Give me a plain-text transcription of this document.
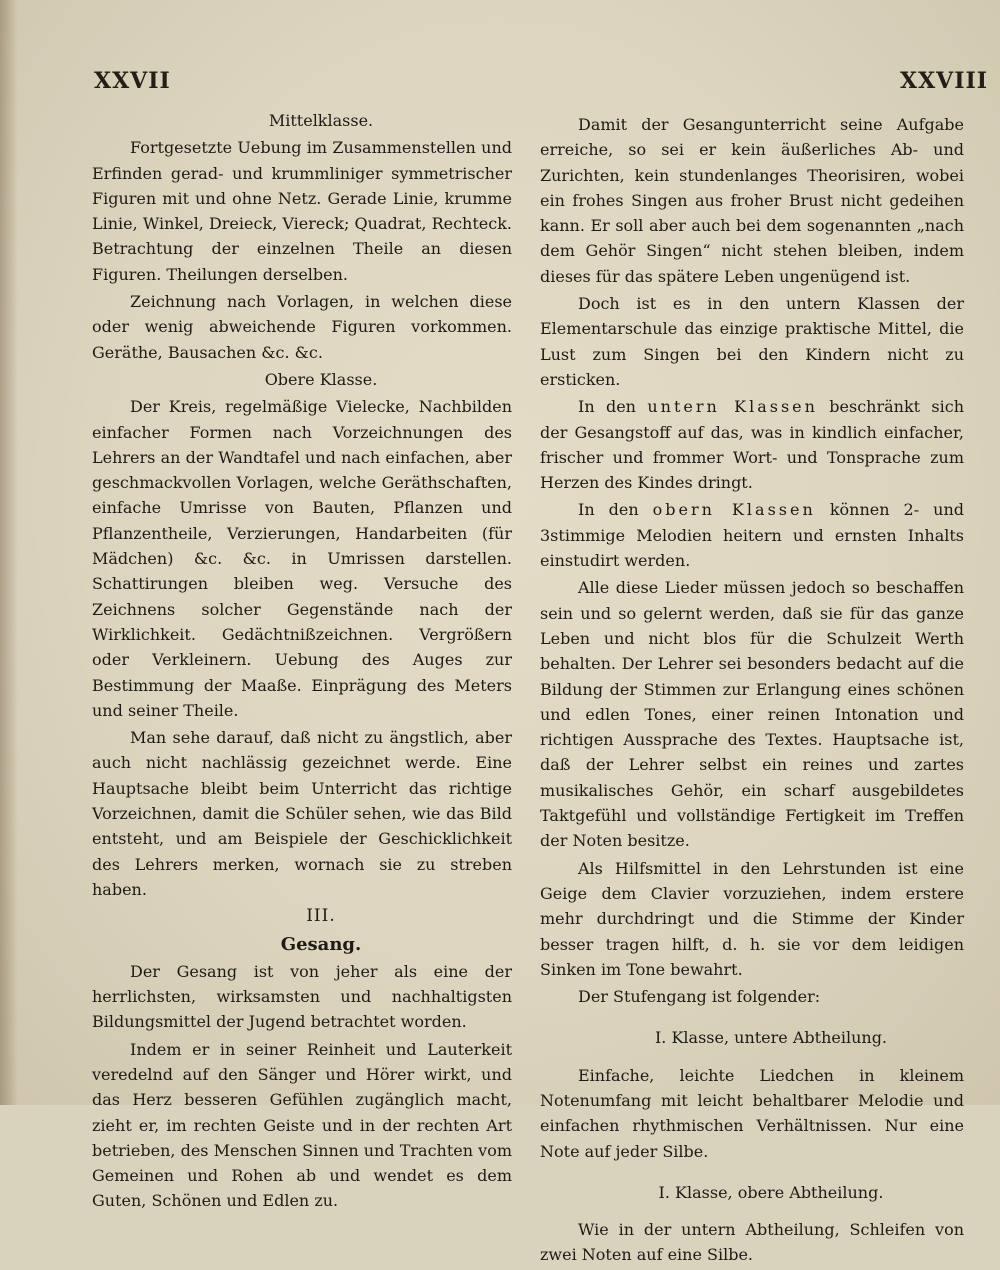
XXVII	XXVIII

Mittelklasse.

Fortgesetzte Uebung im Zusammenstellen und Erfinden gerad- und krummliniger symmetrischer Figuren mit und ohne Netz. Gerade Linie, krumme Linie, Winkel, Dreieck, Viereck; Quadrat, Rechteck. Betrachtung der einzelnen Theile an diesen Figuren. Theilungen derselben.

Zeichnung nach Vorlagen, in welchen diese oder wenig abweichende Figuren vorkommen. Geräthe, Bausachen &c. &c.

Obere Klasse.

Der Kreis, regelmäßige Vielecke, Nachbilden einfacher Formen nach Vorzeichnungen des Lehrers an der Wandtafel und nach einfachen, aber geschmackvollen Vorlagen, welche Geräthschaften, einfache Umrisse von Bauten, Pflanzen und Pflanzentheile, Verzierungen, Handarbeiten (für Mädchen) &c. &c. in Umrissen darstellen. Schattirungen bleiben weg. Versuche des Zeichnens solcher Gegenstände nach der Wirklichkeit. Gedächtnißzeichnen. Vergrößern oder Verkleinern. Uebung des Auges zur Bestimmung der Maaße. Einprägung des Meters und seiner Theile.

Man sehe darauf, daß nicht zu ängstlich, aber auch nicht nachlässig gezeichnet werde. Eine Hauptsache bleibt beim Unterricht das richtige Vorzeichnen, damit die Schüler sehen, wie das Bild entsteht, und am Beispiele der Geschicklichkeit des Lehrers merken, wornach sie zu streben haben.

III.

Gesang.

Der Gesang ist von jeher als eine der herrlichsten, wirksamsten und nachhaltigsten Bildungsmittel der Jugend betrachtet worden.

Indem er in seiner Reinheit und Lauterkeit veredelnd auf den Sänger und Hörer wirkt, und das Herz besseren Gefühlen zugänglich macht, zieht er, im rechten Geiste und in der rechten Art betrieben, des Menschen Sinnen und Trachten vom Gemeinen und Rohen ab und wendet es dem Guten, Schönen und Edlen zu.

Damit der Gesangunterricht seine Aufgabe erreiche, so sei er kein äußerliches Ab- und Zurichten, kein stundenlanges Theorisiren, wobei ein frohes Singen aus froher Brust nicht gedeihen kann. Er soll aber auch bei dem sogenannten „nach dem Gehör Singen“ nicht stehen bleiben, indem dieses für das spätere Leben ungenügend ist.

Doch ist es in den untern Klassen der Elementarschule das einzige praktische Mittel, die Lust zum Singen bei den Kindern nicht zu ersticken.

In den untern Klassen beschränkt sich der Gesangstoff auf das, was in kindlich einfacher, frischer und frommer Wort- und Tonsprache zum Herzen des Kindes dringt.

In den obern Klassen können 2- und 3stimmige Melodien heitern und ernsten Inhalts einstudirt werden.

Alle diese Lieder müssen jedoch so beschaffen sein und so gelernt werden, daß sie für das ganze Leben und nicht blos für die Schulzeit Werth behalten. Der Lehrer sei besonders bedacht auf die Bildung der Stimmen zur Erlangung eines schönen und edlen Tones, einer reinen Intonation und richtigen Aussprache des Textes. Hauptsache ist, daß der Lehrer selbst ein reines und zartes musikalisches Gehör, ein scharf ausgebildetes Taktgefühl und vollständige Fertigkeit im Treffen der Noten besitze.

Als Hilfsmittel in den Lehrstunden ist eine Geige dem Clavier vorzuziehen, indem erstere mehr durchdringt und die Stimme der Kinder besser tragen hilft, d. h. sie vor dem leidigen Sinken im Tone bewahrt.

Der Stufengang ist folgender:

I. Klasse, untere Abtheilung.

Einfache, leichte Liedchen in kleinem Notenumfang mit leicht behaltbarer Melodie und einfachen rhythmischen Verhältnissen. Nur eine Note auf jeder Silbe.

I. Klasse, obere Abtheilung.

Wie in der untern Abtheilung, Schleifen von zwei Noten auf eine Silbe.
